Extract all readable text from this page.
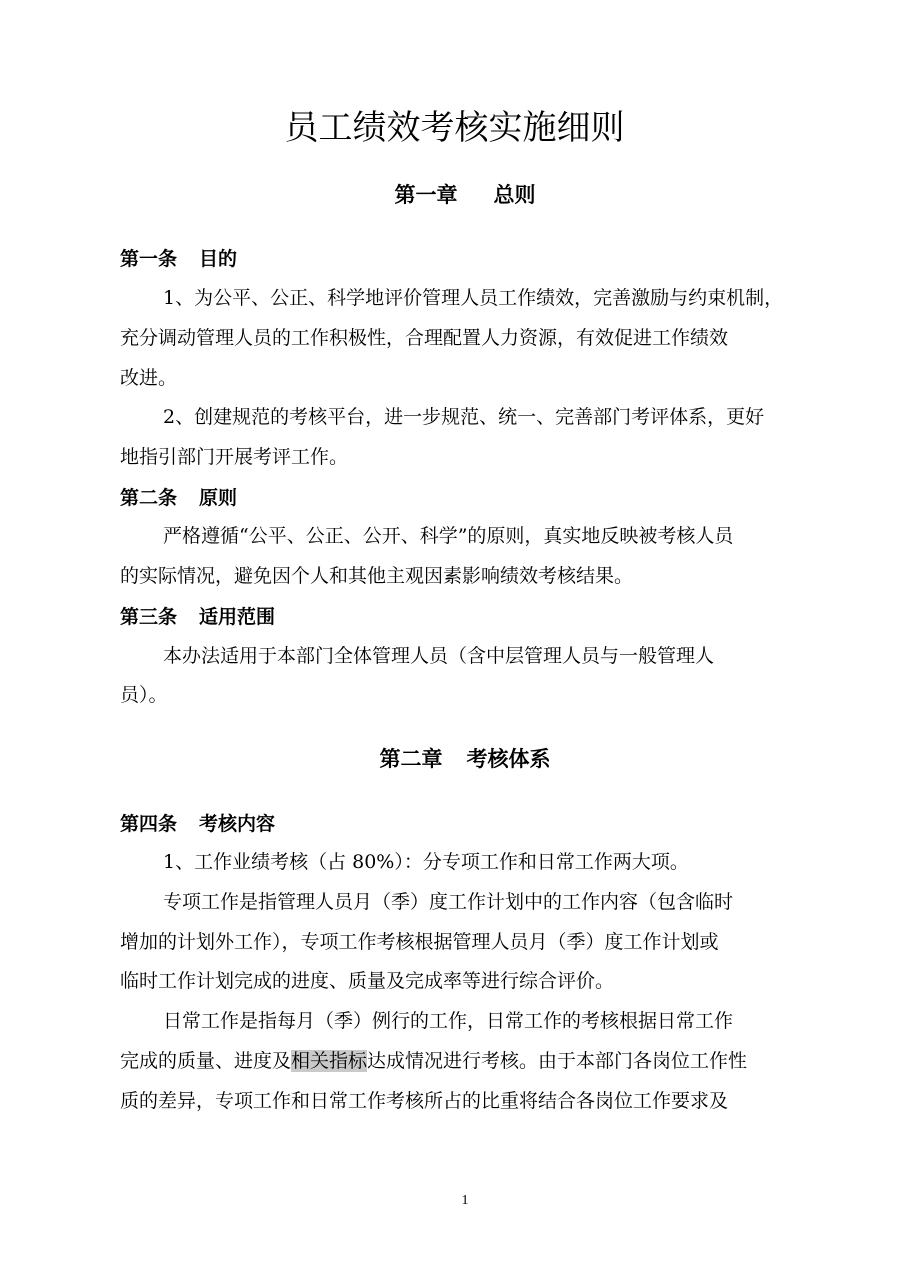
员工绩效考核实施细则
第一章 总则
第一条 目的
1、为公平、公正、科学地评价管理人员工作绩效，完善激励与约束机制，
充分调动管理人员的工作积极性，合理配置人力资源，有效促进工作绩效
改进。
2、创建规范的考核平台，进一步规范、统一、完善部门考评体系，更好
地指引部门开展考评工作。
第二条 原则
严格遵循“公平、公正、公开、科学”的原则，真实地反映被考核人员
的实际情况，避免因个人和其他主观因素影响绩效考核结果。
第三条 适用范围
本办法适用于本部门全体管理人员（含中层管理人员与一般管理人
员）。
第二章 考核体系
第四条 考核内容
1、工作业绩考核（占 80%）：分专项工作和日常工作两大项。
专项工作是指管理人员月（季）度工作计划中的工作内容（包含临时
增加的计划外工作），专项工作考核根据管理人员月（季）度工作计划或
临时工作计划完成的进度、质量及完成率等进行综合评价。
日常工作是指每月（季）例行的工作，日常工作的考核根据日常工作
完成的质量、进度及相关指标达成情况进行考核。由于本部门各岗位工作性
质的差异，专项工作和日常工作考核所占的比重将结合各岗位工作要求及
1
